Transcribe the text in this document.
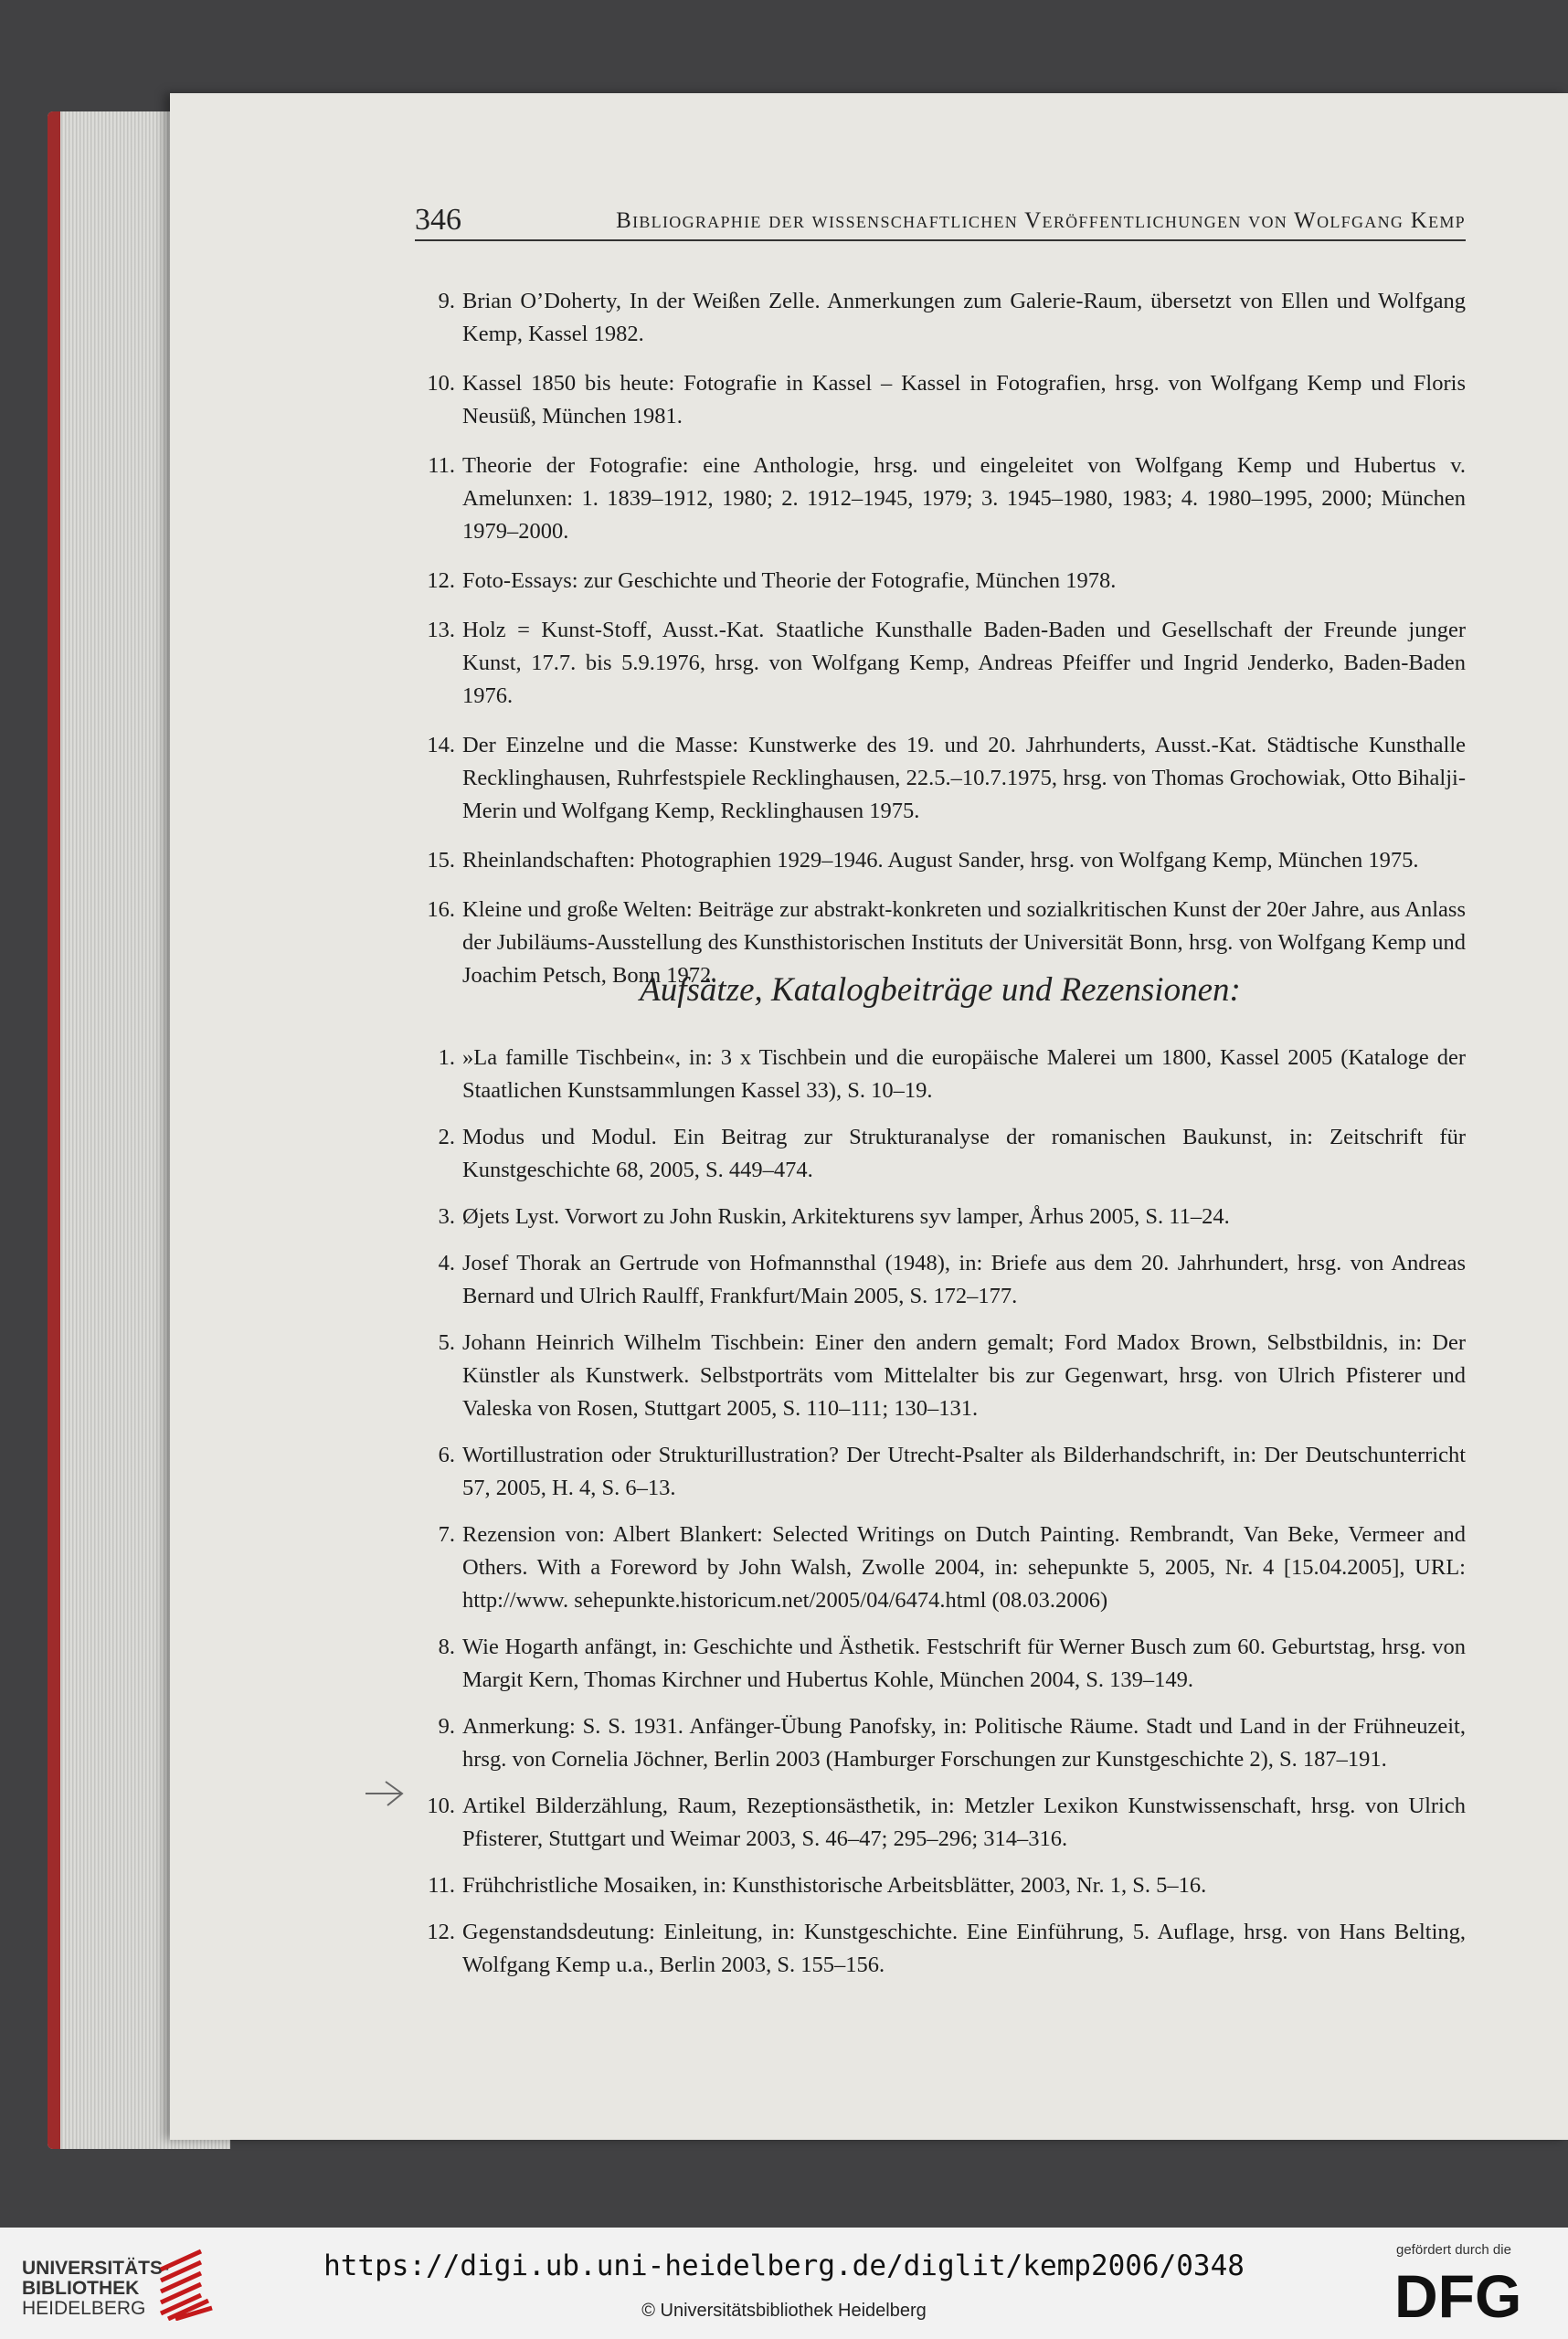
346	Bibliographie der wissenschaftlichen Veröffentlichungen von Wolfgang Kemp
9. Brian O’Doherty, In der Weißen Zelle. Anmerkungen zum Galerie-Raum, übersetzt von Ellen und Wolfgang Kemp, Kassel 1982.
10. Kassel 1850 bis heute: Fotografie in Kassel – Kassel in Fotografien, hrsg. von Wolfgang Kemp und Floris Neusüß, München 1981.
11. Theorie der Fotografie: eine Anthologie, hrsg. und eingeleitet von Wolfgang Kemp und Hubertus v. Amelunxen: 1. 1839–1912, 1980; 2. 1912–1945, 1979; 3. 1945–1980, 1983; 4. 1980–1995, 2000; München 1979–2000.
12. Foto-Essays: zur Geschichte und Theorie der Fotografie, München 1978.
13. Holz = Kunst-Stoff, Ausst.-Kat. Staatliche Kunsthalle Baden-Baden und Gesellschaft der Freunde junger Kunst, 17.7. bis 5.9.1976, hrsg. von Wolfgang Kemp, Andreas Pfeiffer und Ingrid Jenderko, Baden-Baden 1976.
14. Der Einzelne und die Masse: Kunstwerke des 19. und 20. Jahrhunderts, Ausst.-Kat. Städtische Kunsthalle Recklinghausen, Ruhrfestspiele Recklinghausen, 22.5.–10.7.1975, hrsg. von Thomas Grochowiak, Otto Bihalji-Merin und Wolfgang Kemp, Recklinghausen 1975.
15. Rheinlandschaften: Photographien 1929–1946. August Sander, hrsg. von Wolfgang Kemp, München 1975.
16. Kleine und große Welten: Beiträge zur abstrakt-konkreten und sozialkritischen Kunst der 20er Jahre, aus Anlass der Jubiläums-Ausstellung des Kunsthistorischen Instituts der Universität Bonn, hrsg. von Wolfgang Kemp und Joachim Petsch, Bonn 1972.
Aufsätze, Katalogbeiträge und Rezensionen:
1. »La famille Tischbein«, in: 3 x Tischbein und die europäische Malerei um 1800, Kassel 2005 (Kataloge der Staatlichen Kunstsammlungen Kassel 33), S. 10–19.
2. Modus und Modul. Ein Beitrag zur Strukturanalyse der romanischen Baukunst, in: Zeitschrift für Kunstgeschichte 68, 2005, S. 449–474.
3. Øjets Lyst. Vorwort zu John Ruskin, Arkitekturens syv lamper, Århus 2005, S. 11–24.
4. Josef Thorak an Gertrude von Hofmannsthal (1948), in: Briefe aus dem 20. Jahrhundert, hrsg. von Andreas Bernard und Ulrich Raulff, Frankfurt/Main 2005, S. 172–177.
5. Johann Heinrich Wilhelm Tischbein: Einer den andern gemalt; Ford Madox Brown, Selbstbildnis, in: Der Künstler als Kunstwerk. Selbstporträts vom Mittelalter bis zur Gegenwart, hrsg. von Ulrich Pfisterer und Valeska von Rosen, Stuttgart 2005, S. 110–111; 130–131.
6. Wortillustration oder Strukturillustration? Der Utrecht-Psalter als Bilderhandschrift, in: Der Deutschunterricht 57, 2005, H. 4, S. 6–13.
7. Rezension von: Albert Blankert: Selected Writings on Dutch Painting. Rembrandt, Van Beke, Vermeer and Others. With a Foreword by John Walsh, Zwolle 2004, in: sehepunkte 5, 2005, Nr. 4 [15.04.2005], URL: http://www. sehepunkte.historicum.net/2005/04/6474.html (08.03.2006)
8. Wie Hogarth anfängt, in: Geschichte und Ästhetik. Festschrift für Werner Busch zum 60. Geburtstag, hrsg. von Margit Kern, Thomas Kirchner und Hubertus Kohle, München 2004, S. 139–149.
9. Anmerkung: S. S. 1931. Anfänger-Übung Panofsky, in: Politische Räume. Stadt und Land in der Frühneuzeit, hrsg. von Cornelia Jöchner, Berlin 2003 (Hamburger Forschungen zur Kunstgeschichte 2), S. 187–191.
10. Artikel Bilderzählung, Raum, Rezeptionsästhetik, in: Metzler Lexikon Kunstwissenschaft, hrsg. von Ulrich Pfisterer, Stuttgart und Weimar 2003, S. 46–47; 295–296; 314–316.
11. Frühchristliche Mosaiken, in: Kunsthistorische Arbeitsblätter, 2003, Nr. 1, S. 5–16.
12. Gegenstandsdeutung: Einleitung, in: Kunstgeschichte. Eine Einführung, 5. Auflage, hrsg. von Hans Belting, Wolfgang Kemp u.a., Berlin 2003, S. 155–156.
UNIVERSITÄTS-
BIBLIOTHEK
HEIDELBERG
https://digi.ub.uni-heidelberg.de/diglit/kemp2006/0348
© Universitätsbibliothek Heidelberg
gefördert durch die
DFG
